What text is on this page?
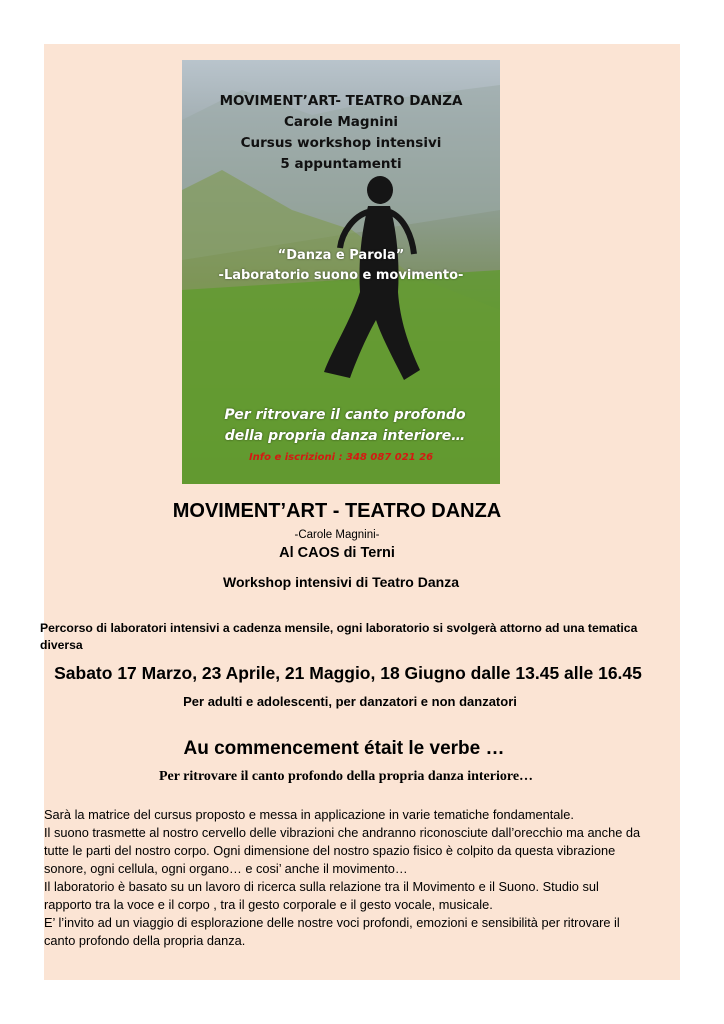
MOVIMENT’ART- TEATRO DANZA
Carole Magnini
Cursus workshop intensivi
5 appuntamenti
“Danza e Parola”
-Laboratorio suono e movimento-
Per ritrovare il canto profondo
della propria danza interiore…
Info e iscrizioni : 348 087 021 26
MOVIMENT’ART - TEATRO DANZA
-Carole Magnini-
Al CAOS di Terni
Workshop intensivi di Teatro Danza
Percorso di laboratori intensivi a cadenza mensile, ogni laboratorio si svolgerà attorno ad una tematica diversa
Sabato 17 Marzo, 23 Aprile, 21 Maggio, 18 Giugno dalle 13.45 alle 16.45
Per adulti e adolescenti, per danzatori e non danzatori
Au commencement était le verbe …
Per ritrovare il canto profondo della propria danza interiore…
Sarà la matrice del cursus proposto e messa in applicazione in varie tematiche fondamentale.
Il suono trasmette al nostro cervello delle vibrazioni che andranno riconosciute dall’orecchio ma anche da
tutte le parti del nostro corpo. Ogni dimensione del nostro spazio fisico è colpito da questa vibrazione
sonore, ogni cellula, ogni organo… e cosi’ anche il movimento…
Il laboratorio è basato su un lavoro di ricerca sulla relazione tra il Movimento e il Suono. Studio sul
rapporto tra la voce e il corpo , tra il gesto corporale e il gesto vocale, musicale.
E’ l’invito ad un viaggio di esplorazione delle nostre voci profondi, emozioni e sensibilità per ritrovare il
canto profondo della propria danza.
